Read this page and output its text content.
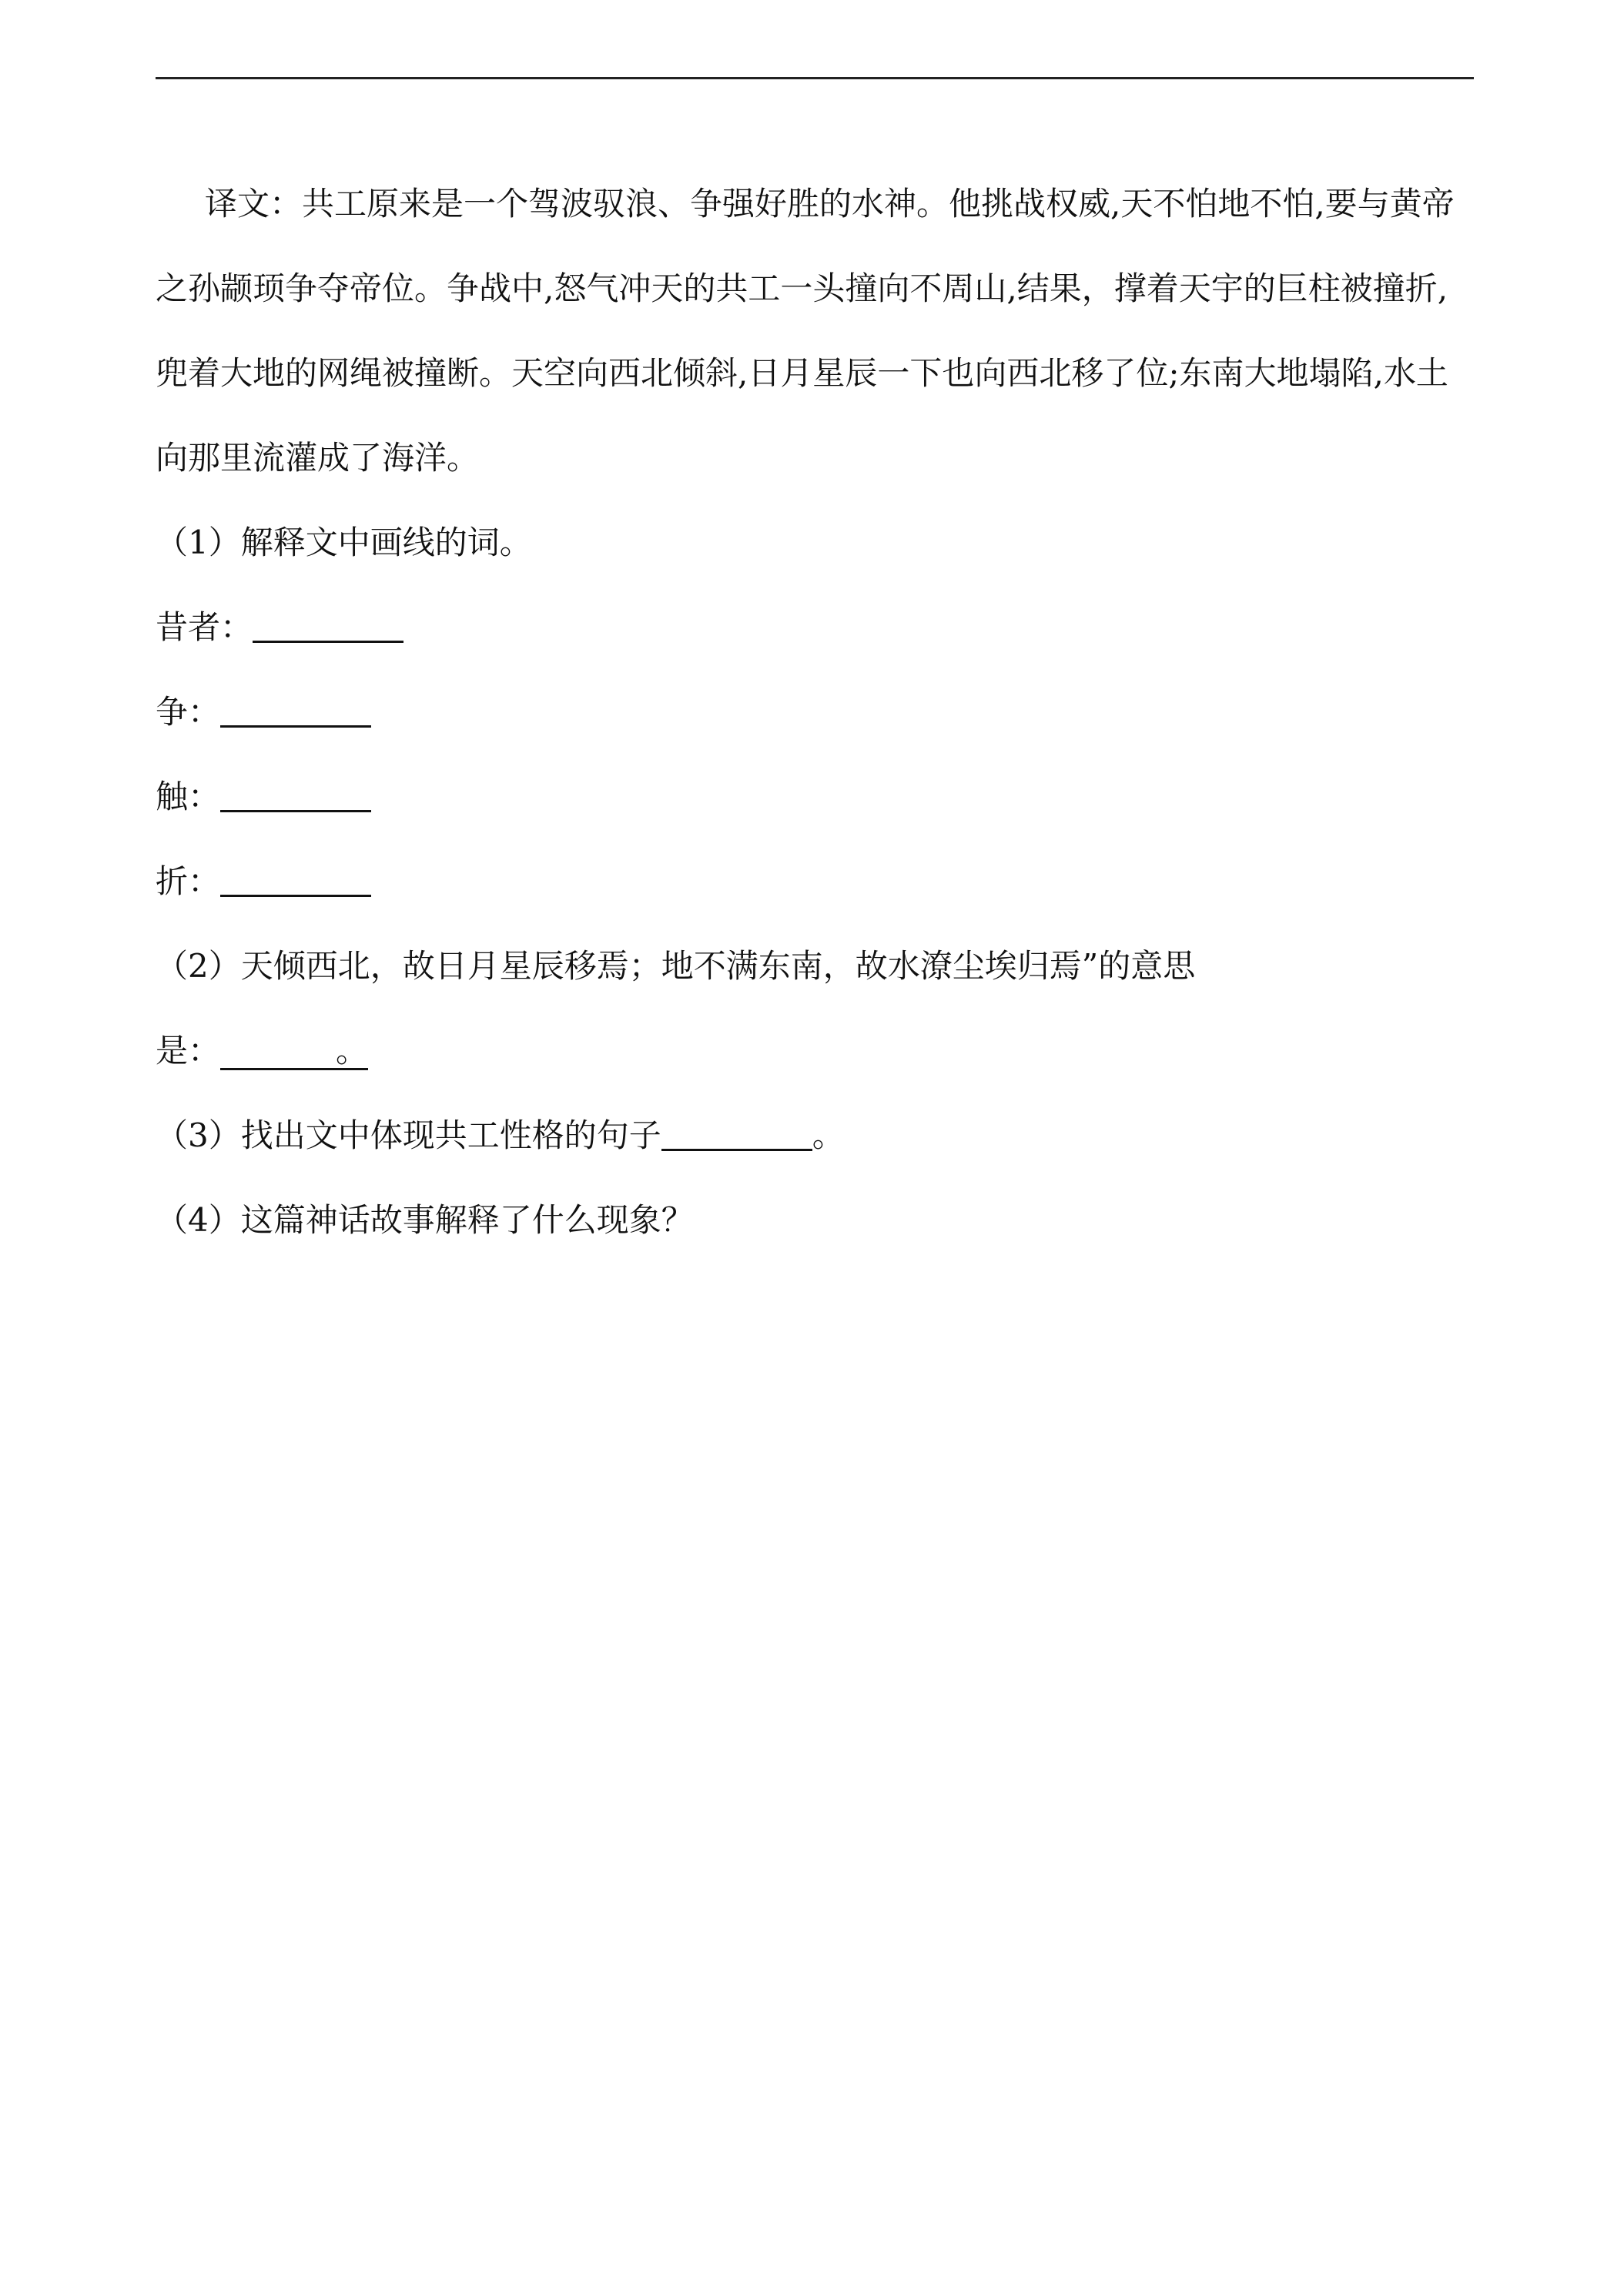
译文：共工原来是一个驾波驭浪、争强好胜的水神。他挑战权威,天不怕地不怕,要与黄帝之孙颛顼争夺帝位。争战中,怒气冲天的共工一头撞向不周山,结果，撑着天宇的巨柱被撞折, 兜着大地的网绳被撞断。天空向西北倾斜,日月星辰一下也向西北移了位;东南大地塌陷,水土向那里流灌成了海洋。

（1）解释文中画线的词。

昔者：

争：

触：

折：

（2）天倾西北，故日月星辰移焉；地不满东南，故水潦尘埃归焉”的意思

是：	。

（3）找出文中体现共工性格的句子	。

（4）这篇神话故事解释了什么现象？
